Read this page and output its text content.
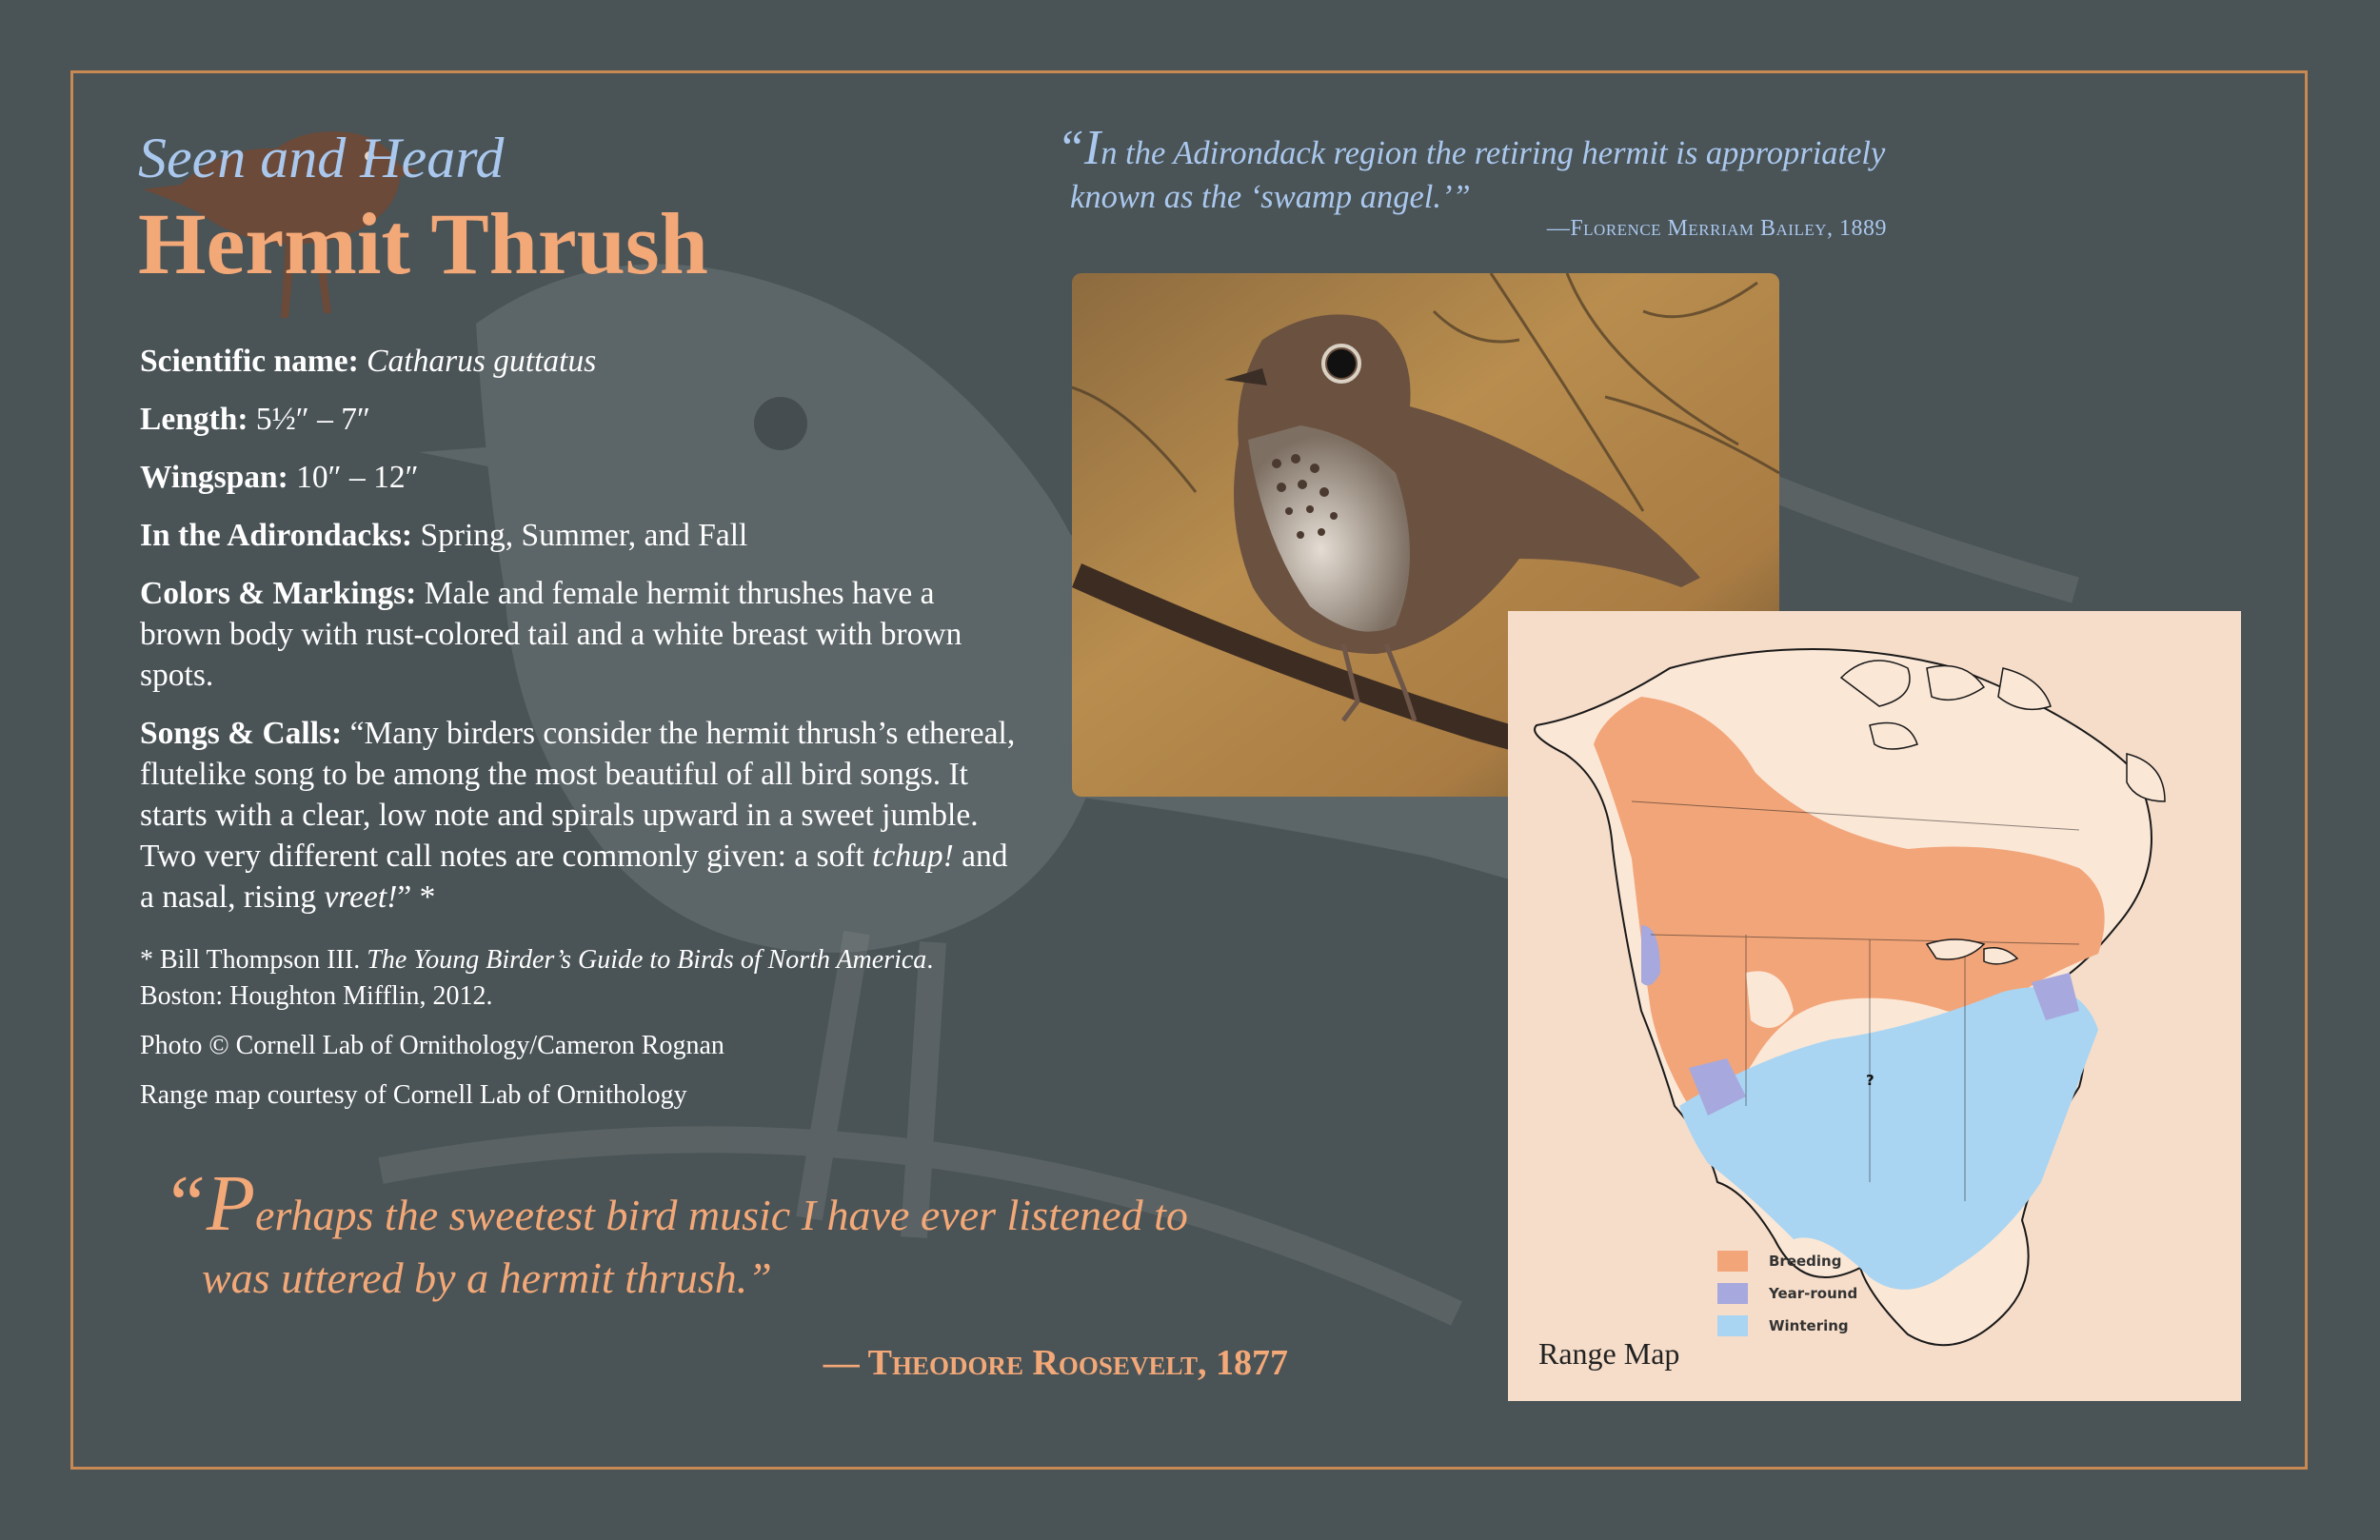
Seen and Heard
Hermit Thrush

Scientific name: Catharus guttatus

Length: 5½″ – 7″

Wingspan: 10″ – 12″

In the Adirondacks: Spring, Summer, and Fall

Colors & Markings: Male and female hermit thrushes have a brown body with rust-colored tail and a white breast with brown spots.

Songs & Calls: “Many birders consider the hermit thrush’s ethereal, flutelike song to be among the most beautiful of all bird songs. It starts with a clear, low note and spirals upward in a sweet jumble. Two very different call notes are commonly given: a soft tchup! and a nasal, rising vreet!” *

* Bill Thompson III. The Young Birder’s Guide to Birds of North America.
Boston: Houghton Mifflin, 2012.

Photo © Cornell Lab of Ornithology/Cameron Rognan

Range map courtesy of Cornell Lab of Ornithology

“In the Adirondack region the retiring hermit is appropriately
known as the ‘swamp angel.’”
—Florence Merriam Bailey, 1889
?
Breeding
Year-round
Wintering
Range Map
“Perhaps the sweetest bird music I have ever listened to
was uttered by a hermit thrush.”
— Theodore Roosevelt, 1877
